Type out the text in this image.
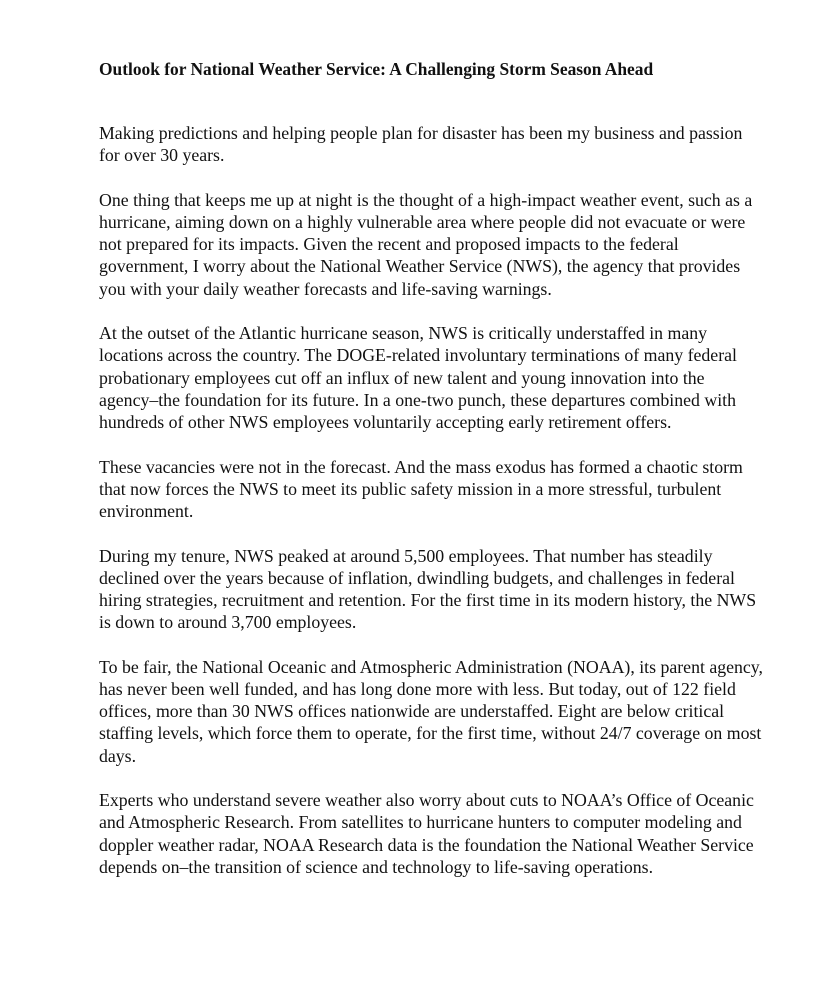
Outlook for National Weather Service: A Challenging Storm Season Ahead

Making predictions and helping people plan for disaster has been my business and passion for over 30 years.

One thing that keeps me up at night is the thought of a high-impact weather event, such as a hurricane, aiming down on a highly vulnerable area where people did not evacuate or were not prepared for its impacts. Given the recent and proposed impacts to the federal government, I worry about the National Weather Service (NWS), the agency that provides you with your daily weather forecasts and life-saving warnings.

At the outset of the Atlantic hurricane season, NWS is critically understaffed in many locations across the country. The DOGE-related involuntary terminations of many federal probationary employees cut off an influx of new talent and young innovation into the agency–the foundation for its future. In a one-two punch, these departures combined with hundreds of other NWS employees voluntarily accepting early retirement offers.

These vacancies were not in the forecast. And the mass exodus has formed a chaotic storm that now forces the NWS to meet its public safety mission in a more stressful, turbulent environment.

During my tenure, NWS peaked at around 5,500 employees. That number has steadily declined over the years because of inflation, dwindling budgets, and challenges in federal hiring strategies, recruitment and retention. For the first time in its modern history, the NWS is down to around 3,700 employees.

To be fair, the National Oceanic and Atmospheric Administration (NOAA), its parent agency, has never been well funded, and has long done more with less. But today, out of 122 field offices, more than 30 NWS offices nationwide are understaffed. Eight are below critical staffing levels, which force them to operate, for the first time, without 24/7 coverage on most days.

Experts who understand severe weather also worry about cuts to NOAA’s Office of Oceanic and Atmospheric Research. From satellites to hurricane hunters to computer modeling and doppler weather radar, NOAA Research data is the foundation the National Weather Service depends on–the transition of science and technology to life-saving operations.
